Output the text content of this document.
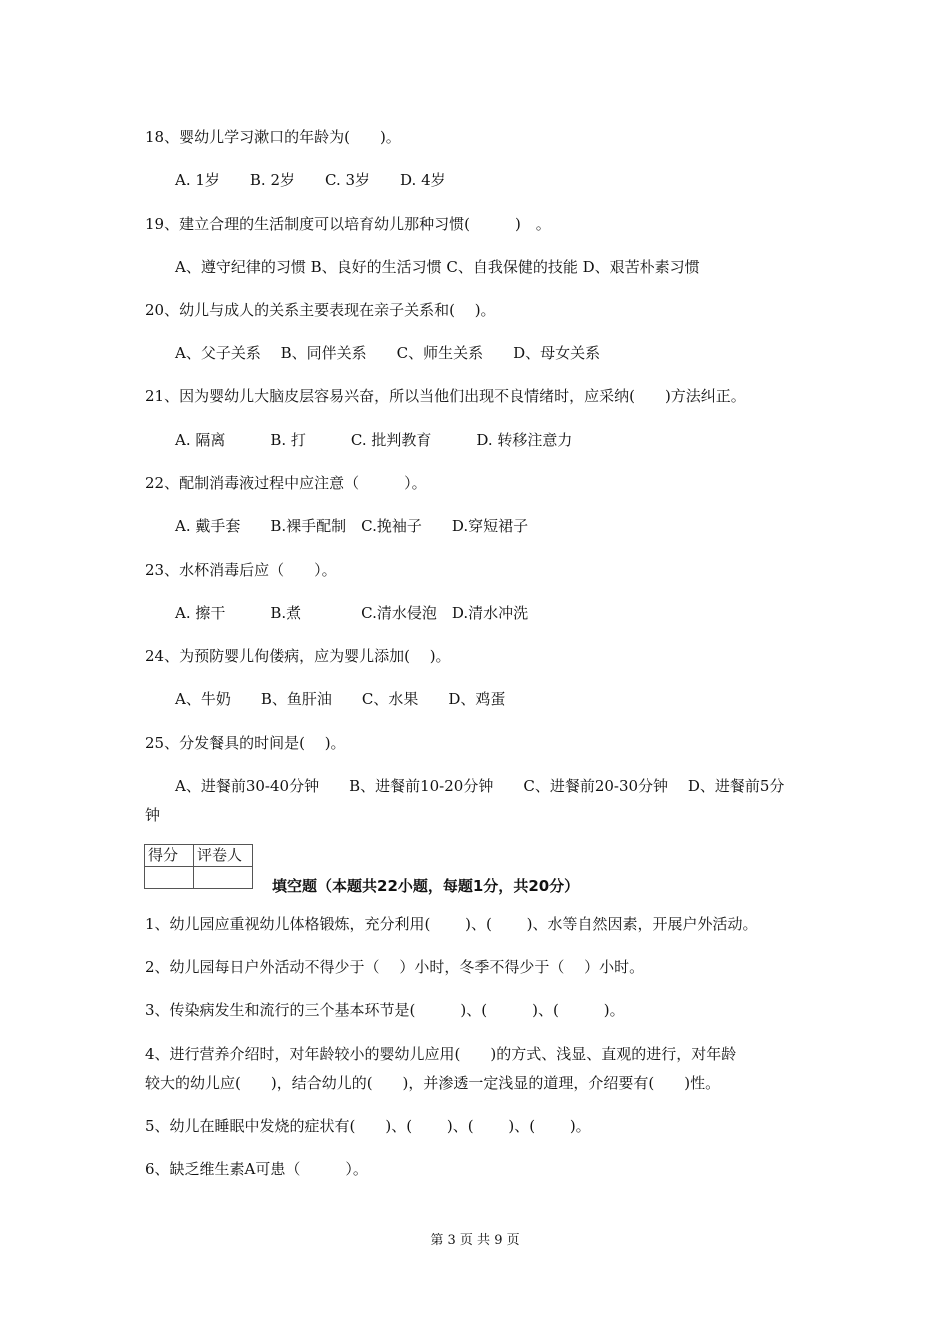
18、婴幼儿学习漱口的年龄为(　　)。
A. 1岁　　B. 2岁　　C. 3岁　　D. 4岁
19、建立合理的生活制度可以培育幼儿那种习惯(　　　)　。
A、遵守纪律的习惯 B、良好的生活习惯 C、自我保健的技能 D、艰苦朴素习惯
20、幼儿与成人的关系主要表现在亲子关系和(　 )。
A、父子关系　 B、同伴关系　　C、师生关系　　D、母女关系
21、因为婴幼儿大脑皮层容易兴奋，所以当他们出现不良情绪时，应采纳(　　)方法纠正。
A. 隔离　　　B. 打　　　C. 批判教育　　　D. 转移注意力
22、配制消毒液过程中应注意（　　　）。
A. 戴手套　　B.裸手配制　C.挽袖子　　D.穿短裙子
23、水杯消毒后应（　　）。
A. 擦干　　　B.煮　　　　C.清水侵泡　D.清水冲洗
24、为预防婴儿佝偻病，应为婴儿添加(　 )。
A、牛奶　　B、鱼肝油　　C、水果　　D、鸡蛋
25、分发餐具的时间是(　 )。
A、进餐前30-40分钟　　B、进餐前10-20分钟　　C、进餐前20-30分钟　 D、进餐前5分
钟
得分	评卷人

填空题（本题共22小题，每题1分，共20分）
1、幼儿园应重视幼儿体格锻炼，充分利用(　　 )、(　　 )、水等自然因素，开展户外活动。
2、幼儿园每日户外活动不得少于（　 ）小时，冬季不得少于（　 ）小时。
3、传染病发生和流行的三个基本环节是(　　　)、(　　　)、(　　　)。
4、进行营养介绍时，对年龄较小的婴幼儿应用(　　)的方式、浅显、直观的进行，对年龄
较大的幼儿应(　　)，结合幼儿的(　　)，并渗透一定浅显的道理，介绍要有(　　)性。
5、幼儿在睡眠中发烧的症状有(　　)、(　　 )、(　　 )、(　　 )。
6、缺乏维生素A可患（　　　）。
第 3 页 共 9 页
